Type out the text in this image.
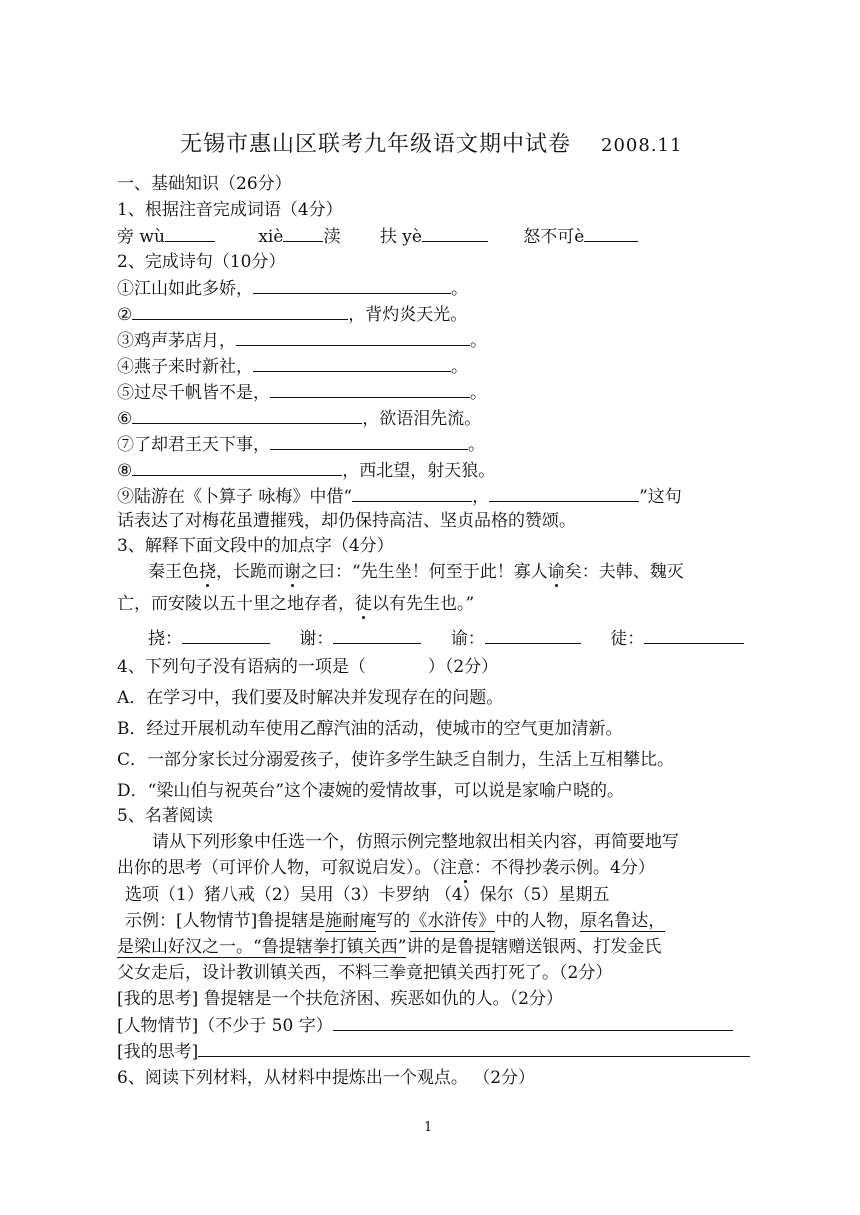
无锡市惠山区联考九年级语文期中试卷 2008.11
一、基础知识（26分）
1、根据注音完成词语（4分）
旁 wù	xiè 渎 扶 yè	怒不可è
2、完成诗句（10分）
①江山如此多娇，	。
②	，背灼炎天光。
③鸡声茅店月，	。
④燕子来时新社，	。
⑤过尽千帆皆不是，	。
⑥	，欲语泪先流。
⑦了却君王天下事，	。
⑧	，西北望，射天狼。
⑨陆游在《卜算子 咏梅》中借“	，	”这句
话表达了对梅花虽遭摧残，却仍保持高洁、坚贞品格的赞颂。
3、解释下面文段中的加点字（4分）
秦王色挠，长跪而谢之曰：“先生坐！何至于此！寡人谕矣：夫韩、魏灭
亡，而安陵以五十里之地存者，徒以有先生也。”
挠：	谢：	谕：	徒：
4、下列句子没有语病的一项是（	）（2分）
A．在学习中，我们要及时解决并发现存在的问题。
B．经过开展机动车使用乙醇汽油的活动，使城市的空气更加清新。
C．一部分家长过分溺爱孩子，使许多学生缺乏自制力，生活上互相攀比。
D．“梁山伯与祝英台”这个凄婉的爱情故事，可以说是家喻户晓的。
5、名著阅读
请从下列形象中任选一个，仿照示例完整地叙出相关内容，再简要地写
出你的思考（可评价人物，可叙说启发）。（注意：不得抄袭示例。4分）
选项（1）猪八戒（2）吴用（3）卡罗纳 （4）保尔（5）星期五
示例：[人物情节]鲁提辖是施耐庵写的《水浒传》中的人物，原名鲁达，
是梁山好汉之一。“鲁提辖拳打镇关西”讲的是鲁提辖赠送银两、打发金氏
父女走后，设计教训镇关西，不料三拳竟把镇关西打死了。（2分）
[我的思考] 鲁提辖是一个扶危济困、疾恶如仇的人。（2分）
[人物情节]（不少于 50 字）
[我的思考]
6、阅读下列材料，从材料中提炼出一个观点。 （2分）
1
